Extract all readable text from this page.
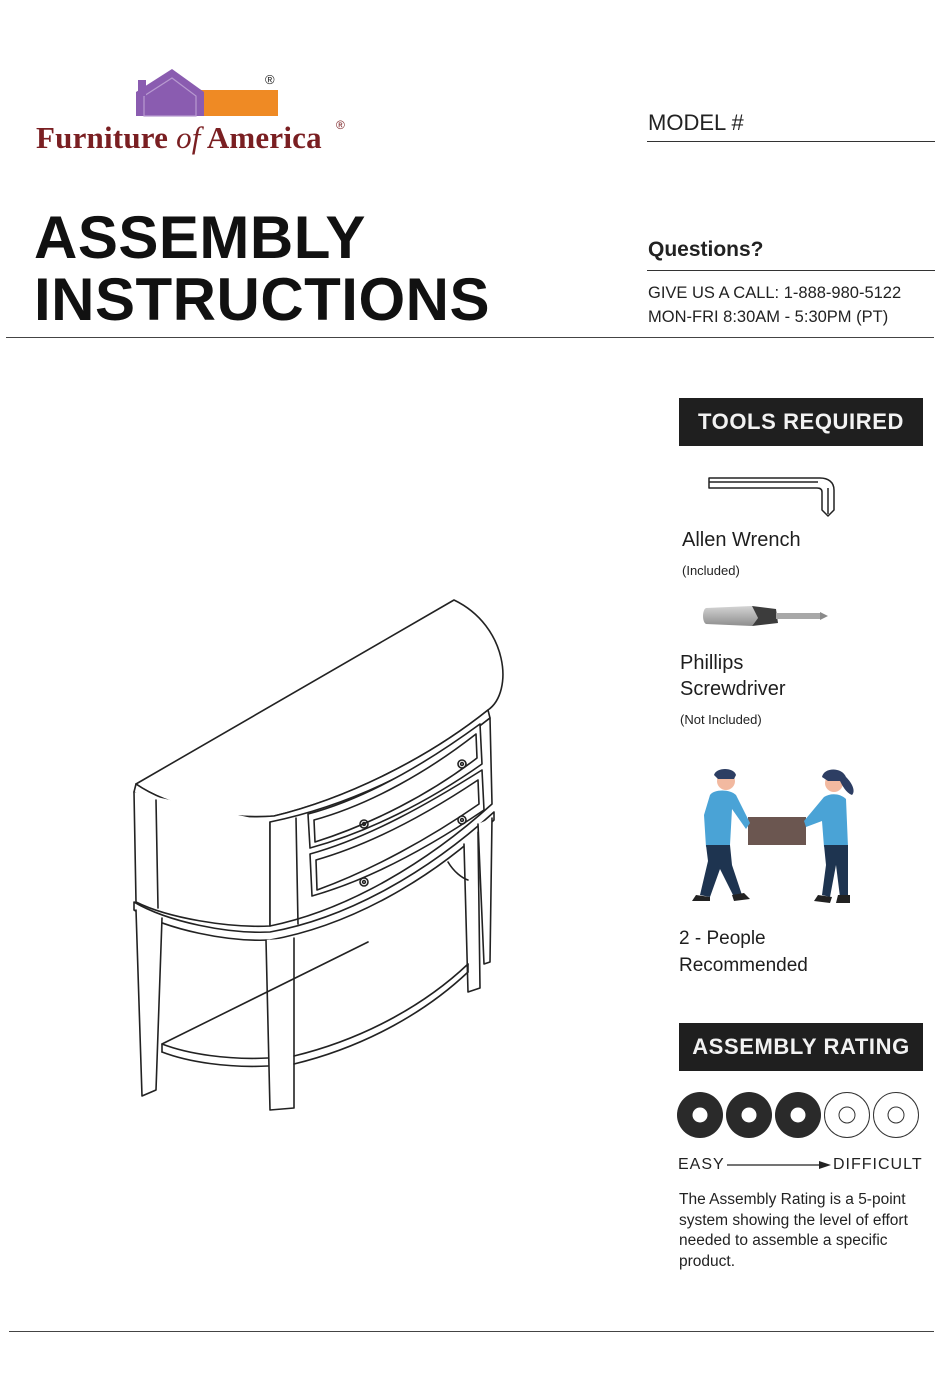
®
Furniture of America ®
ASSEMBLY
INSTRUCTIONS
MODEL #
Questions?
GIVE US A CALL: 1-888-980-5122
MON-FRI 8:30AM - 5:30PM (PT)
TOOLS REQUIRED
Allen Wrench
(Included)
Phillips Screwdriver
(Not Included)
2 - People
Recommended
ASSEMBLY RATING
EASY	DIFFICULT
The Assembly Rating is a 5-point system showing the level of effort needed to assemble a specific product.
